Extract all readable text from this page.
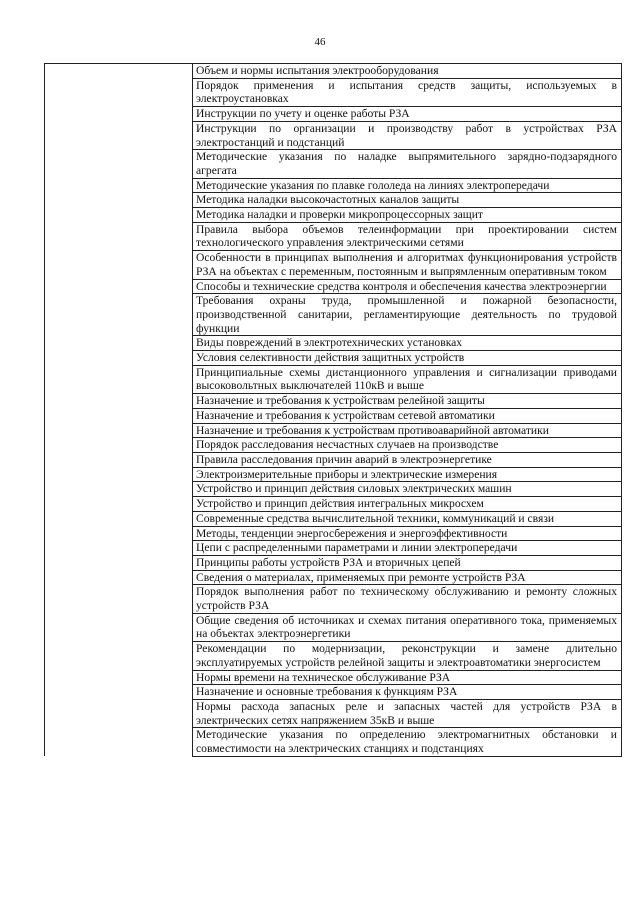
46
	Объем и нормы испытания электрооборудования
	Порядок применения и испытания средств защиты, используемых в электроустановках
	Инструкции по учету и оценке работы РЗА
	Инструкции по организации и производству работ в устройствах РЗА электростанций и подстанций
	Методические указания по наладке выпрямительного зарядно-подзарядного агрегата
	Методические указания по плавке гололеда на линиях электропередачи
	Методика наладки высокочастотных каналов защиты
	Методика наладки и проверки микропроцессорных защит
	Правила выбора объемов телеинформации при проектировании систем технологического управления электрическими сетями
	Особенности в принципах выполнения и алгоритмах функционирования устройств РЗА на объектах с переменным, постоянным и выпрямленным оперативным током
	Способы и технические средства контроля и обеспечения качества электроэнергии
	Требования охраны труда, промышленной и пожарной безопасности, производственной санитарии, регламентирующие деятельность по трудовой функции
	Виды повреждений в электротехнических установках
	Условия селективности действия защитных устройств
	Принципиальные схемы дистанционного управления и сигнализации приводами высоковольтных выключателей 110кВ и выше
	Назначение и требования к устройствам релейной защиты
	Назначение и требования к устройствам сетевой автоматики
	Назначение и требования к устройствам противоаварийной автоматики
	Порядок расследования несчастных случаев на производстве
	Правила расследования причин аварий в электроэнергетике
	Электроизмерительные приборы и электрические измерения
	Устройство и принцип действия силовых электрических машин
	Устройство и принцип действия интегральных микросхем
	Современные средства вычислительной техники, коммуникаций и связи
	Методы, тенденции энергосбережения и энергоэффективности
	Цепи с распределенными параметрами и линии электропередачи
	Принципы работы устройств РЗА и вторичных цепей
	Сведения о материалах, применяемых при ремонте устройств РЗА
	Порядок выполнения работ по техническому обслуживанию и ремонту сложных устройств РЗА
	Общие сведения об источниках и схемах питания оперативного тока, применяемых на объектах электроэнергетики
	Рекомендации по модернизации, реконструкции и замене длительно эксплуатируемых устройств релейной защиты и электроавтоматики энергосистем
	Нормы времени на техническое обслуживание РЗА
	Назначение и основные требования к функциям РЗА
	Нормы расхода запасных реле и запасных частей для устройств РЗА в электрических сетях напряжением 35кВ и выше
	Методические указания по определению электромагнитных обстановки и совместимости на электрических станциях и подстанциях
